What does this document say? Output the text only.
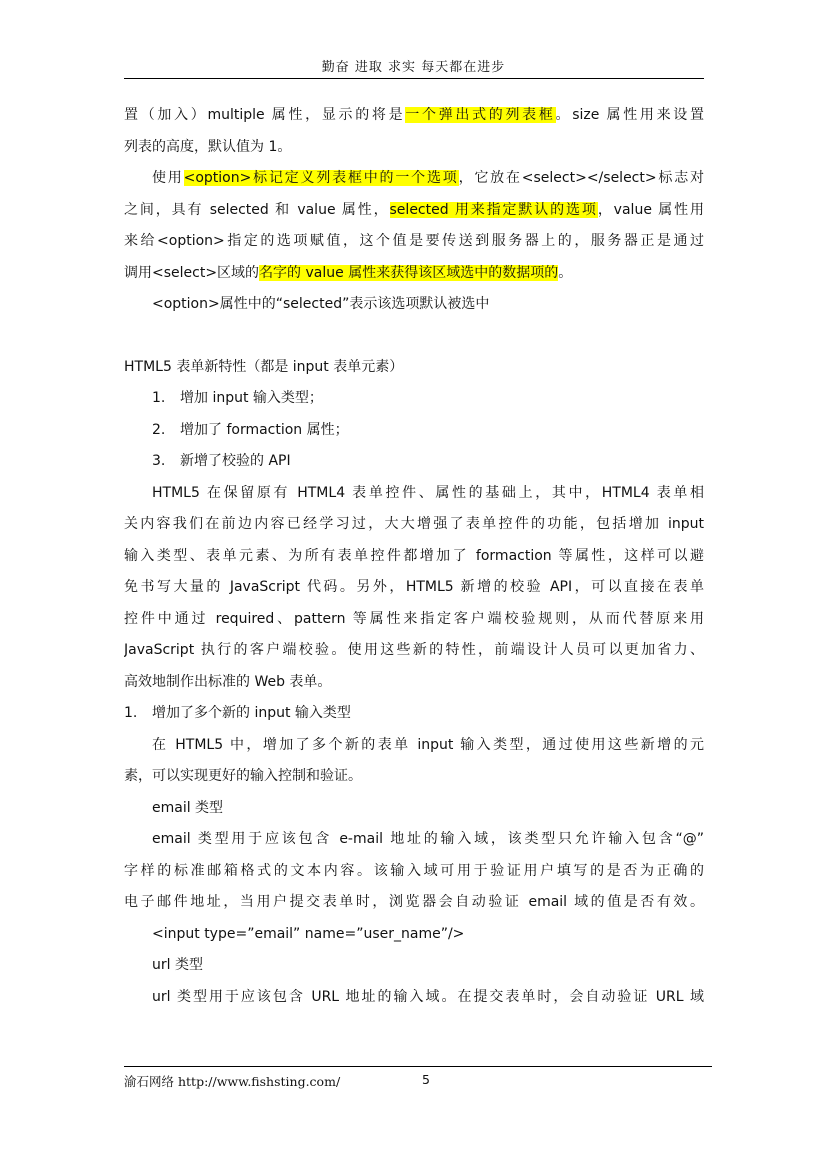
勤奋 进取 求实 每天都在进步
置（加入）multiple 属性，显示的将是一个弹出式的列表框。size 属性用来设置
列表的高度，默认值为 1。
使用<option>标记定义列表框中的一个选项，它放在<select></select>标志对
之间，具有 selected 和 value 属性，selected 用来指定默认的选项，value 属性用
来给<option>指定的选项赋值，这个值是要传送到服务器上的，服务器正是通过
调用<select>区域的名字的 value 属性来获得该区域选中的数据项的。
<option>属性中的“selected”表示该选项默认被选中
HTML5 表单新特性（都是 input 表单元素）
1. 增加 input 输入类型；
2. 增加了 formaction 属性；
3. 新增了校验的 API
HTML5 在保留原有 HTML4 表单控件、属性的基础上，其中，HTML4 表单相
关内容我们在前边内容已经学习过，大大增强了表单控件的功能，包括增加 input
输入类型、表单元素、为所有表单控件都增加了 formaction 等属性，这样可以避
免书写大量的 JavaScript 代码。另外，HTML5 新增的校验 API，可以直接在表单
控件中通过 required、pattern 等属性来指定客户端校验规则，从而代替原来用
JavaScript 执行的客户端校验。使用这些新的特性，前端设计人员可以更加省力、
高效地制作出标准的 Web 表单。
1. 增加了多个新的 input 输入类型
在 HTML5 中，增加了多个新的表单 input 输入类型，通过使用这些新增的元
素，可以实现更好的输入控制和验证。
email 类型
email 类型用于应该包含 e-mail 地址的输入域，该类型只允许输入包含“@”
字样的标准邮箱格式的文本内容。该输入域可用于验证用户填写的是否为正确的
电子邮件地址，当用户提交表单时，浏览器会自动验证 email 域的值是否有效。
<input type=”email” name=”user_name”/>
url 类型
url 类型用于应该包含 URL 地址的输入域。在提交表单时，会自动验证 URL 域
渝石网络 http://www.fishsting.com/	5
